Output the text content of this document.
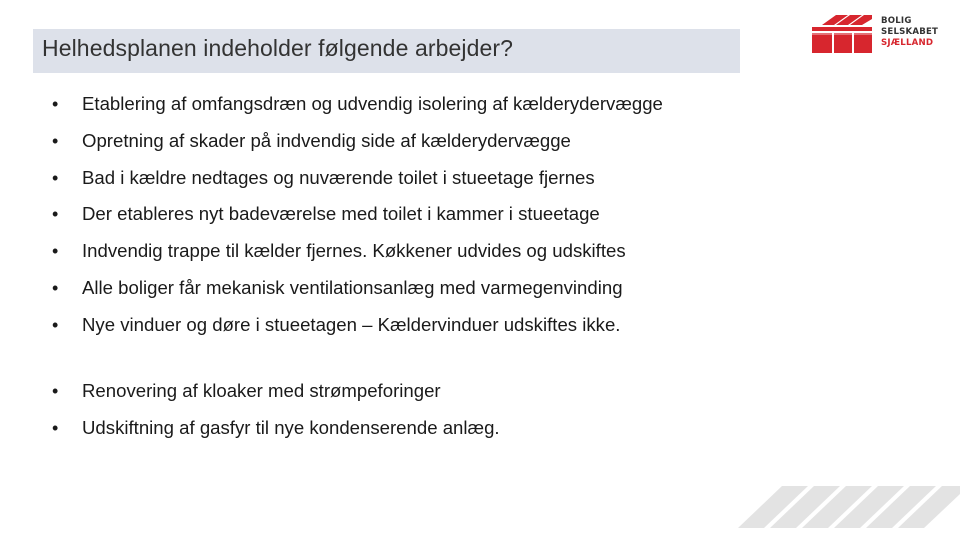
Helhedsplanen indeholder følgende arbejder?
• Etablering af omfangsdræn og udvendig isolering af kælderydervægge
• Opretning af skader på indvendig side af kælderydervægge
• Bad i kældre nedtages og nuværende toilet i stueetage fjernes
• Der etableres nyt badeværelse med toilet i kammer i stueetage
• Indvendig trappe til kælder fjernes. Køkkener udvides og udskiftes
• Alle boliger får mekanisk ventilationsanlæg med varmegenvinding
• Nye vinduer og døre i stueetagen – Kældervinduer udskiftes ikke.
• Renovering af kloaker med strømpeforinger
• Udskiftning af gasfyr til nye kondenserende anlæg.
BOLIG
SELSKABET
SJÆLLAND
